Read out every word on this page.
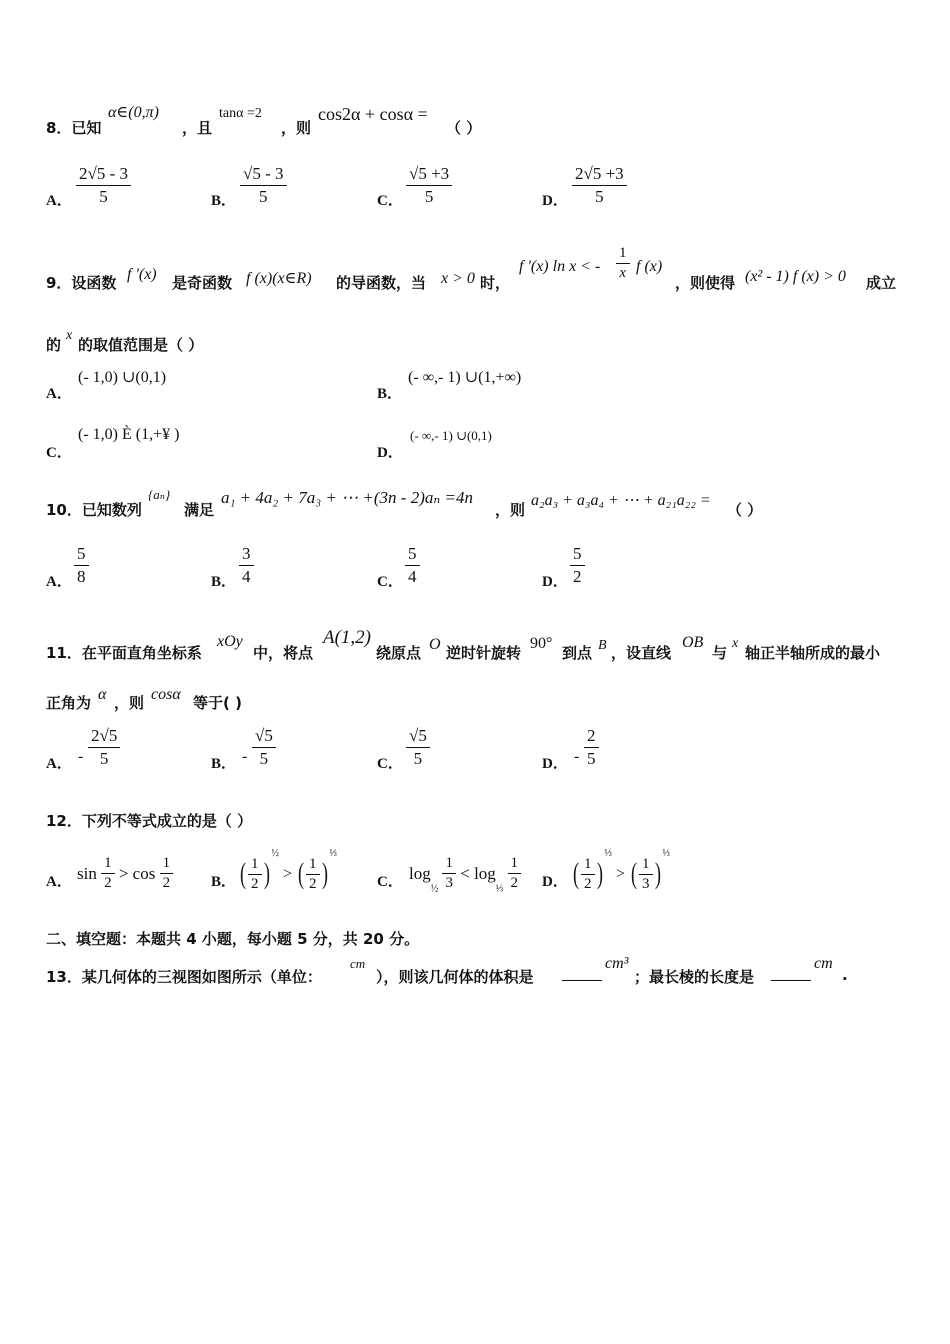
8．已知
α∈(0,π)
，且
tanα =2
，则
cos2α + cosα =
（ ）
A． $\frac{2√5 - 3}{5}$	B． $\frac{√5 - 3}{5}$	C． $\frac{√5 +3}{5}$	D． $\frac{2√5 +3}{5}$
9．设函数 f '(x) 是奇函数 f (x)(x∈R) 的导函数，当 x > 0 时，
f '(x) ln x < - $\frac{1}{x}$ f (x)
，则使得 (x² - 1) f (x) > 0 成立
的
x
的取值范围是（ ）
A．
(- 1,0) ∪(0,1)
B．
(- ∞,- 1) ∪(1,+∞)
C．
(- 1,0) È (1,+¥ )
D．
(- ∞,- 1) ∪(0,1)
10．已知数列
{aₙ}
满足
a₁ + 4a₂ + 7a₃ + ⋯ +(3n - 2)aₙ =4n
，则
a₂a₃ + a₃a₄ + ⋯ + a₂₁a₂₂ =
（ ）
A． $\frac{5}{8}$	B． $\frac{3}{4}$	C． $\frac{5}{4}$	D． $\frac{5}{2}$
11．在平面直角坐标系
xOy
中，将点
A(1,2)
绕原点 O 逆时针旋转
90°
到点 B ，设直线
OB
与
x
轴正半轴所成的最小
正角为 α ，则 cosα 等于( )
A． - $\frac{2√5}{5}$	B． - $\frac{√5}{5}$	C． $\frac{√5}{5}$	D． - $\frac{2}{5}$
12．下列不等式成立的是（ ）
A． $\sin \frac{1}{2} > \cos \frac{1}{2}$	B． ( $\frac{1}{2} )^{\frac{1}{2}}$ > ( $\frac{1}{2} )^{\frac{1}{3}}$
C． $\log_{\frac{1}{2}} \frac{1}{3} < \log_{\frac{1}{3}} \frac{1}{2}$ D． ( $\frac{1}{2} )^{\frac{1}{3}}$ > ( $\frac{1}{3} )^{\frac{1}{3}}$
二、填空题：本题共 4 小题，每小题 5 分，共 20 分。
13．某几何体的三视图如图所示（单位：
cm
），则该几何体的体积是
cm³
；最长棱的长度是
cm
.
